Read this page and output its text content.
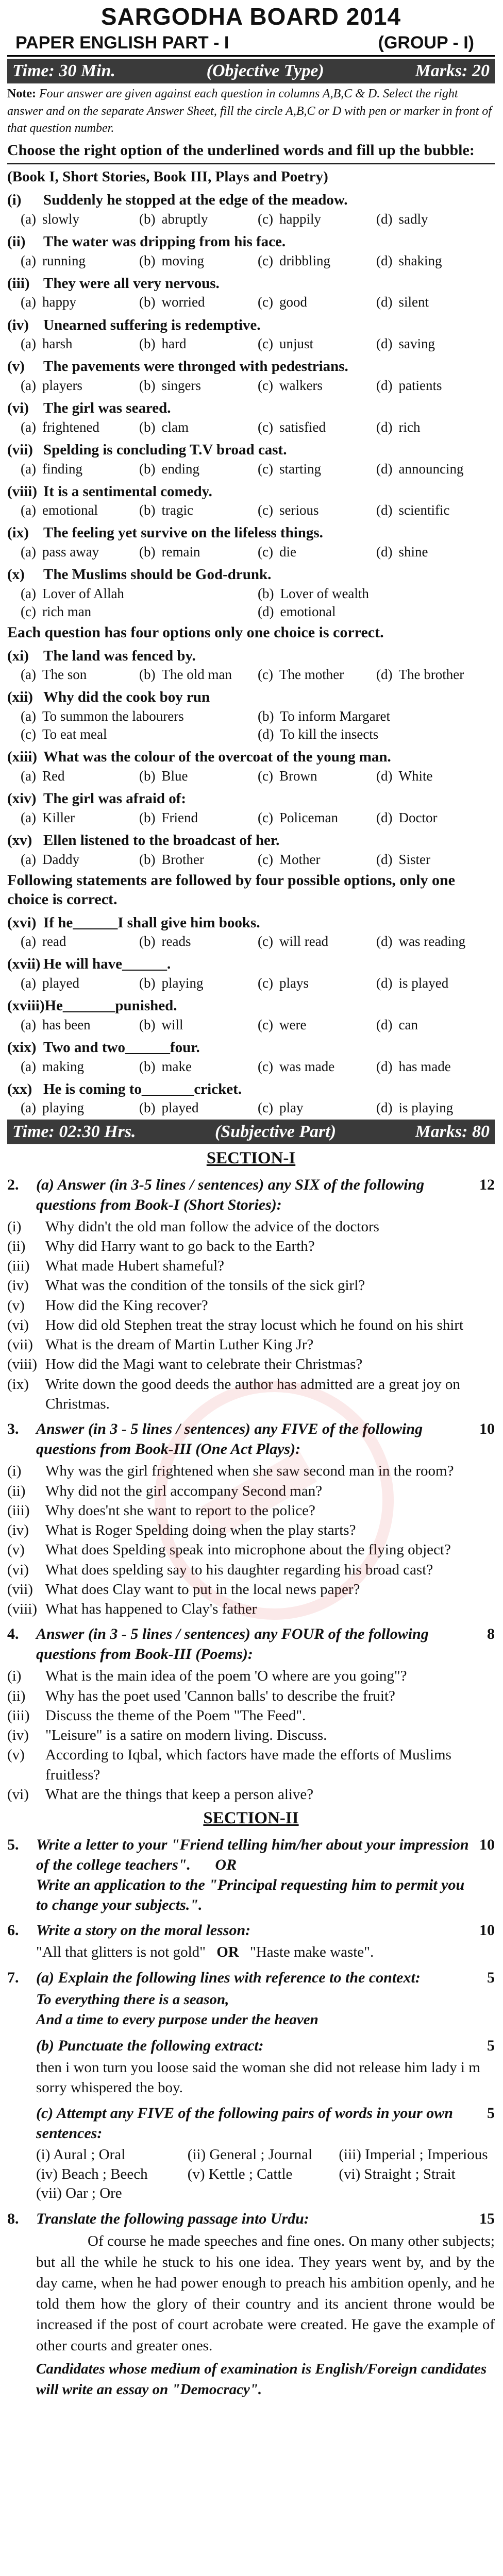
SARGODHA BOARD 2014
PAPER ENGLISH PART - I	(GROUP - I)
Time: 30 Min.	(Objective Type)	Marks: 20
Note: Four answer are given against each question in columns A,B,C & D. Select the right answer and on the separate Answer Sheet, fill the circle A,B,C or D with pen or marker in front of that question number.
Choose the right option of the underlined words and fill up the bubble:
(Book I, Short Stories, Book III, Plays and Poetry)
(i) Suddenly he stopped at the edge of the meadow.
(a) slowly	(b) abruptly	(c) happily	(d) sadly
(ii) The water was dripping from his face.
(a) running	(b) moving	(c) dribbling	(d) shaking
(iii) They were all very nervous.
(a) happy	(b) worried	(c) good	(d) silent
(iv) Unearned suffering is redemptive.
(a) harsh	(b) hard	(c) unjust	(d) saving
(v) The pavements were thronged with pedestrians.
(a) players	(b) singers	(c) walkers	(d) patients
(vi) The girl was seared.
(a) frightened	(b) clam	(c) satisfied	(d) rich
(vii) Spelding is concluding T.V broad cast.
(a) finding	(b) ending	(c) starting	(d) announcing
(viii) It is a sentimental comedy.
(a) emotional	(b) tragic	(c) serious	(d) scientific
(ix) The feeling yet survive on the lifeless things.
(a) pass away	(b) remain	(c) die	(d) shine
(x) The Muslims should be God-drunk.
(a) Lover of Allah	(b) Lover of wealth
(c) rich man	(d) emotional
Each question has four options only one choice is correct.
(xi) The land was fenced by.
(a) The son	(b) The old man	(c) The mother	(d) The brother
(xii) Why did the cook boy run
(a) To summon the labourers	(b) To inform Margaret
(c) To eat meal	(d) To kill the insects
(xiii) What was the colour of the overcoat of the young man.
(a) Red	(b) Blue	(c) Brown	(d) White
(xiv) The girl was afraid of:
(a) Killer	(b) Friend	(c) Policeman	(d) Doctor
(xv) Ellen listened to the broadcast of her.
(a) Daddy	(b) Brother	(c) Mother	(d) Sister
Following statements are followed by four possible options, only one choice is correct.
(xvi) If he______I shall give him books.
(a) read	(b) reads	(c) will read	(d) was reading
(xvii) He will have______.
(a) played	(b) playing	(c) plays	(d) is played
(xviii)He_______punished.
(a) has been	(b) will	(c) were	(d) can
(xix) Two and two______four.
(a) making	(b) make	(c) was made	(d) has made
(xx) He is coming to_______cricket.
(a) playing	(b) played	(c) play	(d) is playing
Time: 02:30 Hrs.	(Subjective Part)	Marks: 80
SECTION-I
2.	(a) Answer (in 3-5 lines / sentences) any SIX of the following questions from Book-I (Short Stories):
12
(i)	Why didn't the old man follow the advice of the doctors
(ii)	Why did Harry want to go back to the Earth?
(iii)	What made Hubert shameful?
(iv)	What was the condition of the tonsils of the sick girl?
(v)	How did the King recover?
(vi)	How did old Stephen treat the stray locust which he found on his shirt
(vii) What is the dream of Martin Luther King Jr?
(viii) How did the Magi want to celebrate their Christmas?
(ix)	Write down the good deeds the author has admitted are a great joy on Christmas.
3.	Answer (in 3 - 5 lines / sentences) any FIVE of the following questions from Book-III (One Act Plays):
10
(i)	Why was the girl frightened when she saw second man in the room?
(ii)	Why did not the girl accompany Second man?
(iii)	Why does'nt she want to report to the police?
(iv)	What is Roger Spelding doing when the play starts?
(v)	What does Spelding speak into microphone about the flying object?
(vi)	What does spelding say to his daughter regarding his broad cast?
(vii) What does Clay want to put in the local news paper?
(viii) What has happened to Clay's father
4.	Answer (in 3 - 5 lines / sentences) any FOUR of the following questions from Book-III (Poems):
8
(i)	What is the main idea of the poem 'O where are you going"?
(ii)	Why has the poet used 'Cannon balls' to describe the fruit?
(iii)	Discuss the theme of the Poem "The Feed".
(iv)	"Leisure" is a satire on modern living. Discuss.
(v)	According to Iqbal, which factors have made the efforts of Muslims fruitless?
(vi)	What are the things that keep a person alive?
SECTION-II
5.	Write a letter to your "Friend telling him/her about your impression of the college teachers". OR
Write an application to the "Principal requesting him to permit you to change your subjects.".
10
6.	Write a story on the moral lesson:	10
"All that glitters is not gold" OR "Haste make waste".
7.	(a) Explain the following lines with reference to the context:	5
To everything there is a season,
And a time to every purpose under the heaven
(b) Punctuate the following extract:	5
then i won turn you loose said the woman she did not release him lady i m sorry whispered the boy.
(c) Attempt any FIVE of the following pairs of words in your own sentences:
5
(i) Aural ; Oral	(ii) General ; Journal	(iii) Imperial ; Imperious
(iv) Beach ; Beech	(v) Kettle ; Cattle	(vi) Straight ; Strait
(vii) Oar ; Ore
8.	Translate the following passage into Urdu:	15
Of course he made speeches and fine ones. On many other subjects; but all the while he stuck to his one idea. They years went by, and by the day came, when he had power enough to preach his ambition openly, and he told them how the glory of their country and its ancient throne would be increased if the post of court acrobate were created. He gave the example of other courts and greater ones.
Candidates whose medium of examination is English/Foreign candidates will write an essay on "Democracy".
